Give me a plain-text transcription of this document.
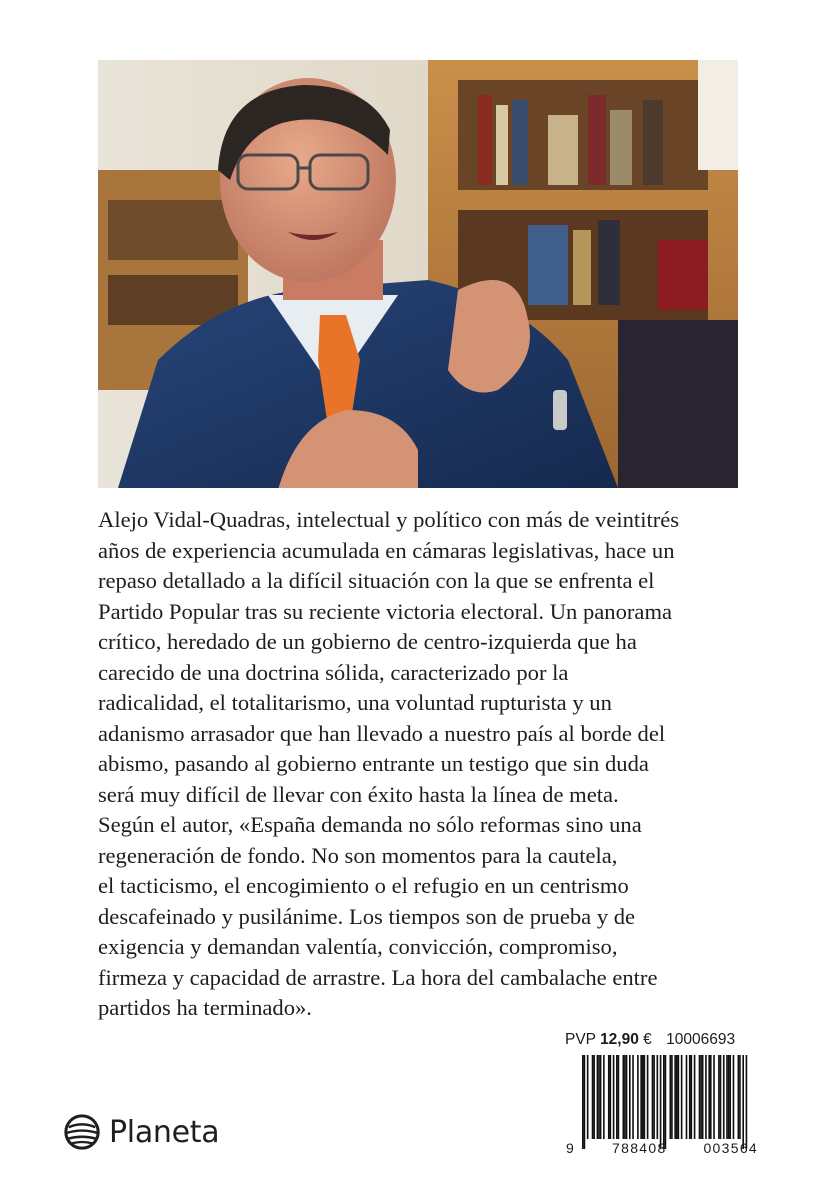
Alejo Vidal-Quadras, intelectual y político con más de veintitrés
años de experiencia acumulada en cámaras legislativas, hace un
repaso detallado a la difícil situación con la que se enfrenta el
Partido Popular tras su reciente victoria electoral. Un panorama
crítico, heredado de un gobierno de centro-izquierda que ha
carecido de una doctrina sólida, caracterizado por la
radicalidad, el totalitarismo, una voluntad rupturista y un
adanismo arrasador que han llevado a nuestro país al borde del
abismo, pasando al gobierno entrante un testigo que sin duda
será muy difícil de llevar con éxito hasta la línea de meta.
Según el autor, «España demanda no sólo reformas sino una
regeneración de fondo. No son momentos para la cautela,
el tacticismo, el encogimiento o el refugio en un centrismo
descafeinado y pusilánime. Los tiempos son de prueba y de
exigencia y demandan valentía, convicción, compromiso,
firmeza y capacidad de arrastre. La hora del cambalache entre
partidos ha terminado».
Planeta
PVP 12,90 € 10006693
9	788408	003564
